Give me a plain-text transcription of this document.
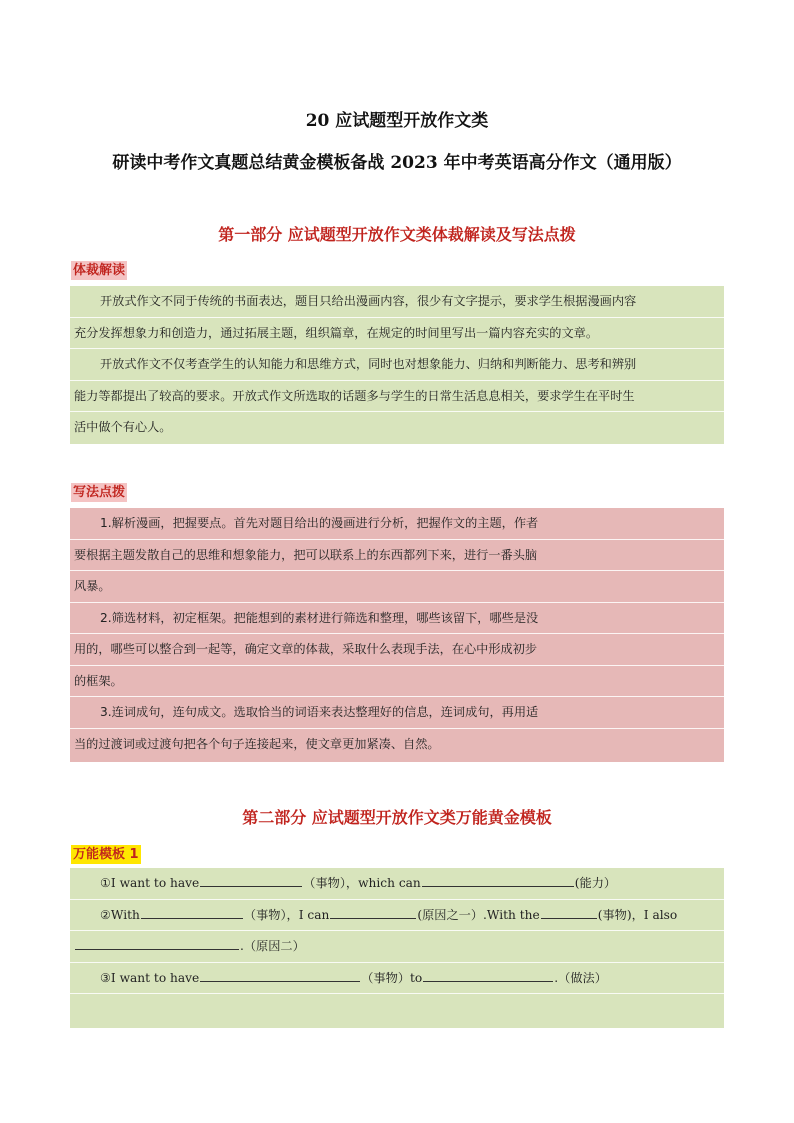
20 应试题型开放作文类
研读中考作文真题总结黄金模板备战 2023 年中考英语高分作文（通用版）
第一部分 应试题型开放作文类体裁解读及写法点拨
体裁解读
开放式作文不同于传统的书面表达，题目只给出漫画内容，很少有文字提示，要求学生根据漫画内容
充分发挥想象力和创造力，通过拓展主题，组织篇章，在规定的时间里写出一篇内容充实的文章。
开放式作文不仅考查学生的认知能力和思维方式，同时也对想象能力、归纳和判断能力、思考和辨别
能力等都提出了较高的要求。开放式作文所选取的话题多与学生的日常生活息息相关，要求学生在平时生
活中做个有心人。
写法点拨
1.解析漫画，把握要点。首先对题目给出的漫画进行分析，把握作文的主题，作者
要根据主题发散自己的思维和想象能力，把可以联系上的东西都列下来，进行一番头脑
风暴。
2.筛选材料，初定框架。把能想到的素材进行筛选和整理，哪些该留下，哪些是没
用的，哪些可以整合到一起等，确定文章的体裁，采取什么表现手法，在心中形成初步
的框架。
3.连词成句，连句成文。选取恰当的词语来表达整理好的信息，连词成句，再用适
当的过渡词或过渡句把各个句子连接起来，使文章更加紧凑、自然。
第二部分 应试题型开放作文类万能黄金模板
万能模板 1
①I want to have	（事物），which can	(能力）
②With	（事物），I can	(原因之一）.With the	(事物)，I also
.（原因二）
③I want to have	（事物）to	.（做法）
